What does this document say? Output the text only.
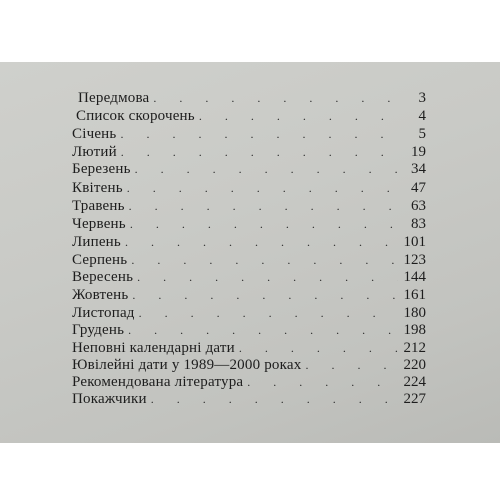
Передмова . . .	3
Список скорочень . . .	4
Січень . . .	5
Лютий . . .	19
Березень . . .	34
Квітень . . .	47
Травень . . .	63
Червень . . .	83
Липень . . .	101
Серпень . . .	123
Вересень . . .	144
Жовтень . . .	161
Листопад . . .	180
Грудень . . .	198
Неповні календарні дати . . .	212
Ювілейні дати у 1989—2000 роках . . .	220
Рекомендована література . . .	224
Покажчики . . .	227
